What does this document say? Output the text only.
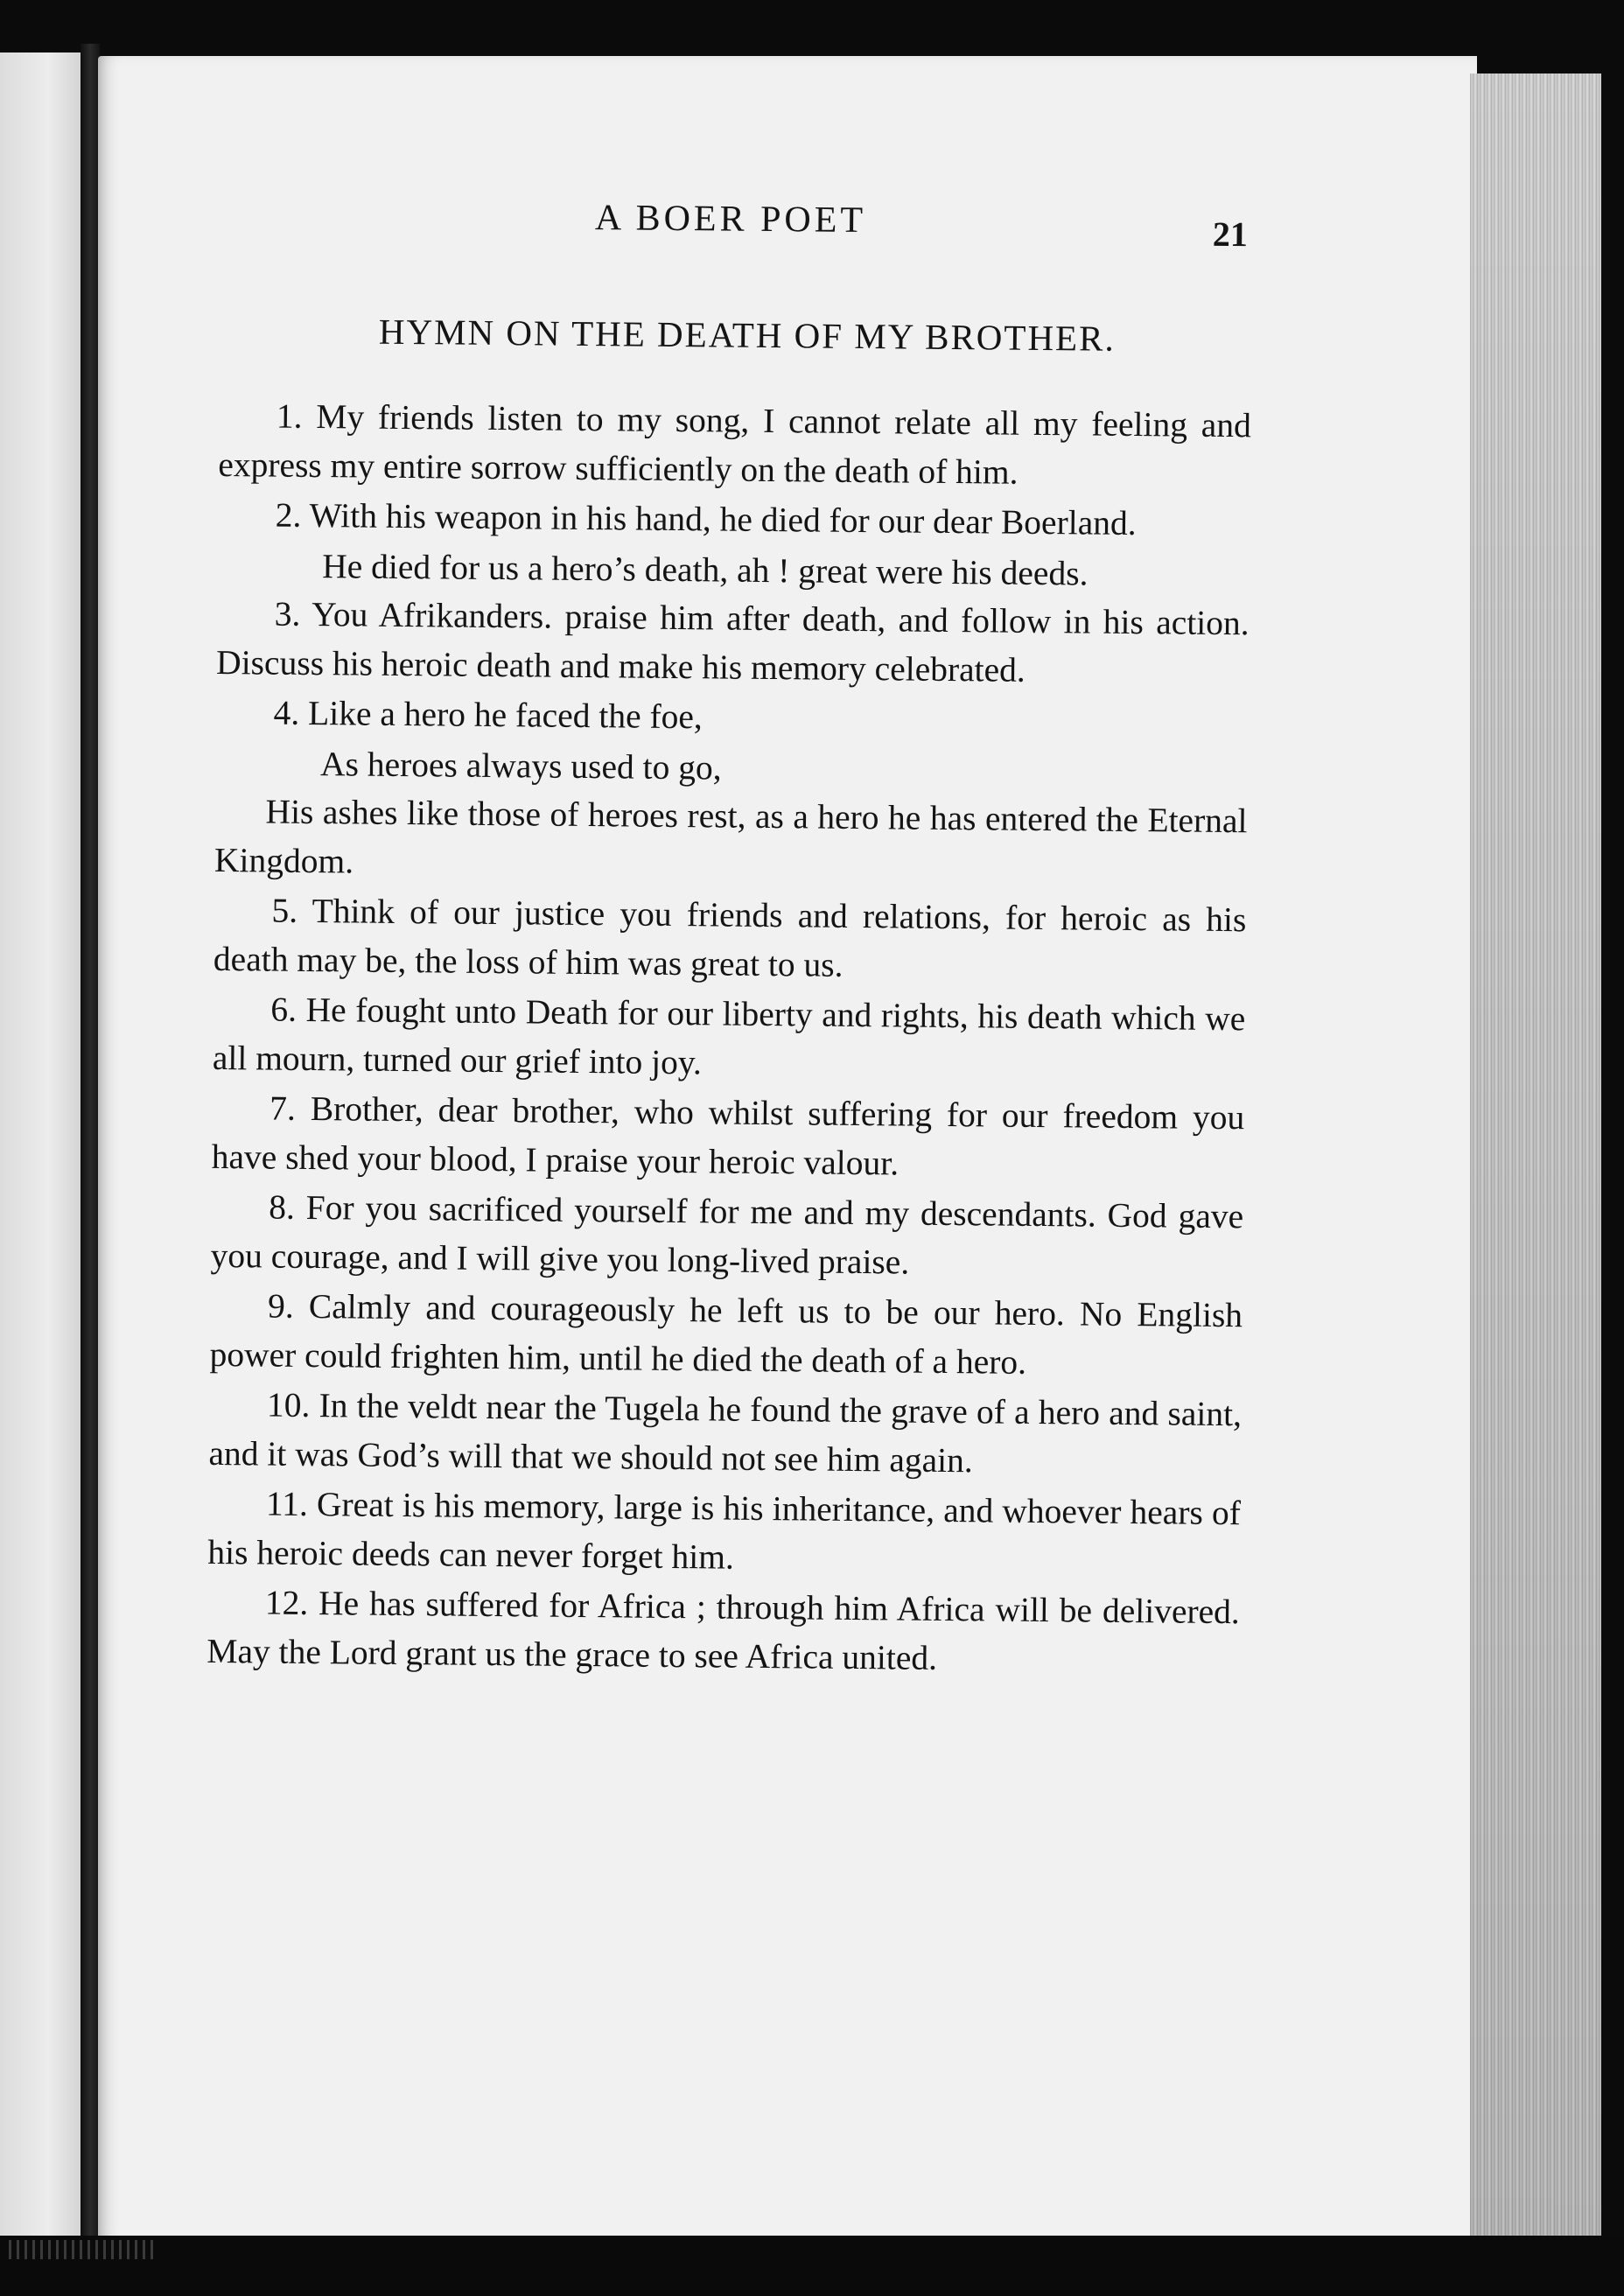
A BOER POET	21
HYMN ON THE DEATH OF MY BROTHER.

1. My friends listen to my song, I cannot relate all my feeling and express my entire sorrow sufficiently on the death of him.

2. With his weapon in his hand, he died for our dear Boerland.

He died for us a hero’s death, ah ! great were his deeds.

3. You Afrikanders. praise him after death, and follow in his action. Discuss his heroic death and make his memory celebrated.

4. Like a hero he faced the foe,

As heroes always used to go,

His ashes like those of heroes rest, as a hero he has entered the Eternal Kingdom.

5. Think of our justice you friends and relations, for heroic as his death may be, the loss of him was great to us.

6. He fought unto Death for our liberty and rights, his death which we all mourn, turned our grief into joy.

7. Brother, dear brother, who whilst suffering for our freedom you have shed your blood, I praise your heroic valour.

8. For you sacrificed yourself for me and my descendants. God gave you courage, and I will give you long-lived praise.

9. Calmly and courageously he left us to be our hero. No English power could frighten him, until he died the death of a hero.

10. In the veldt near the Tugela he found the grave of a hero and saint, and it was God’s will that we should not see him again.

11. Great is his memory, large is his inheritance, and whoever hears of his heroic deeds can never forget him.

12. He has suffered for Africa ; through him Africa will be delivered. May the Lord grant us the grace to see Africa united.
